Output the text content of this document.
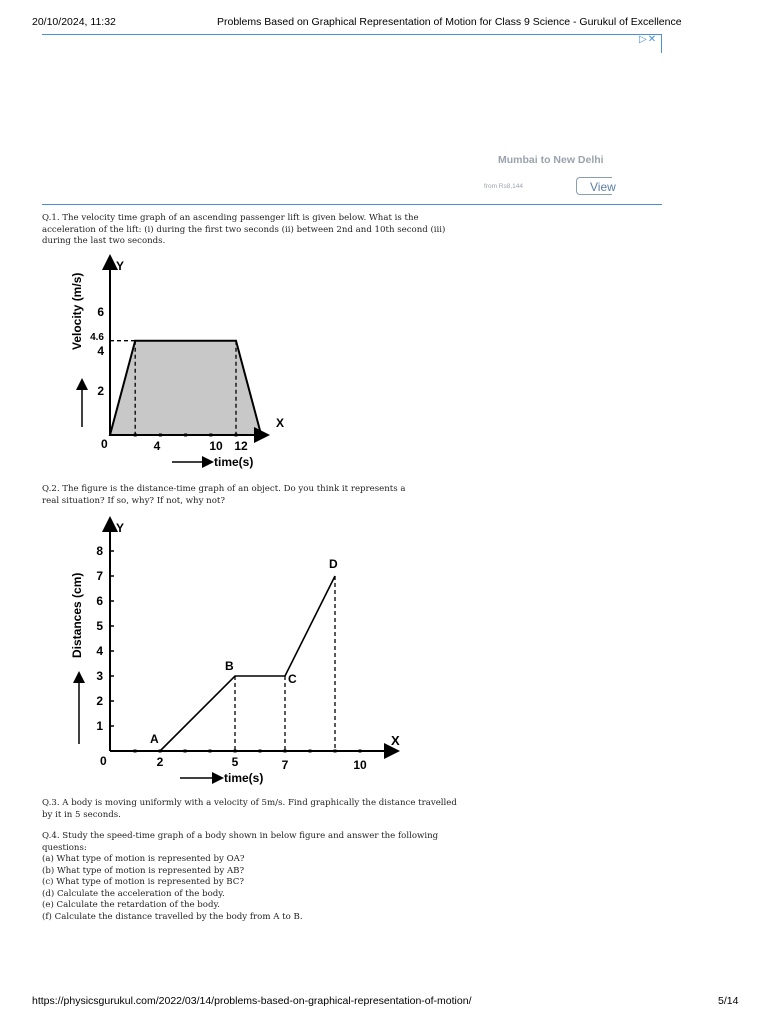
20/10/2024, 11:32	Problems Based on Graphical Representation of Motion for Class 9 Science - Gurukul of Excellence
▷✕
Mumbai to New Delhi
from Rs8,144	View
Q.1. The velocity time graph of an ascending passenger lift is given below. What is the
acceleration of the lift: (i) during the first two seconds (ii) between 2nd and 10th second (iii)
during the last two seconds.
Y
X
0
2
4
4.6
6
4	10 12
time(s)
Velocity (m/s)
Q.2. The figure is the distance-time graph of an object. Do you think it represents a
real situation? If so, why? If not, why not?
A
B
C
D
Y
X
0
1
2
3
4
5
6
7
8
2	5	7	10
time(s)
Distances (cm)
Q.3. A body is moving uniformly with a velocity of 5m/s. Find graphically the distance travelled
by it in 5 seconds.
Q.4. Study the speed-time graph of a body shown in below figure and answer the following
questions:
(a) What type of motion is represented by OA?
(b) What type of motion is represented by AB?
(c) What type of motion is represented by BC?
(d) Calculate the acceleration of the body.
(e) Calculate the retardation of the body.
(f) Calculate the distance travelled by the body from A to B.
https://physicsgurukul.com/2022/03/14/problems-based-on-graphical-representation-of-motion/	5/14
